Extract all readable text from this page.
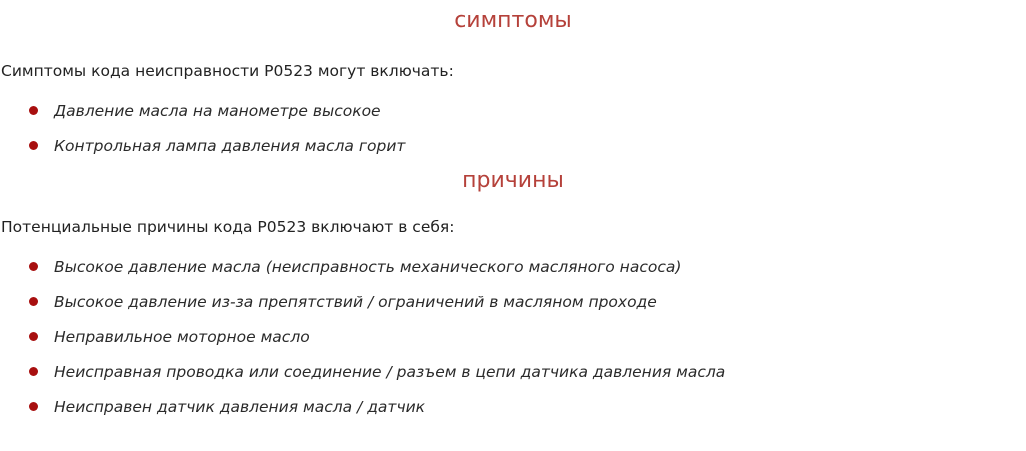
симптомы

Симптомы кода неисправности P0523 могут включать:

Давление масла на манометре высокое
Контрольная лампа давления масла горит
причины

Потенциальные причины кода P0523 включают в себя:

Высокое давление масла (неисправность механического масляного насоса)
Высокое давление из-за препятствий / ограничений в масляном проходе
Неправильное моторное масло
Неисправная проводка или соединение / разъем в цепи датчика давления масла
Неисправен датчик давления масла / датчик
